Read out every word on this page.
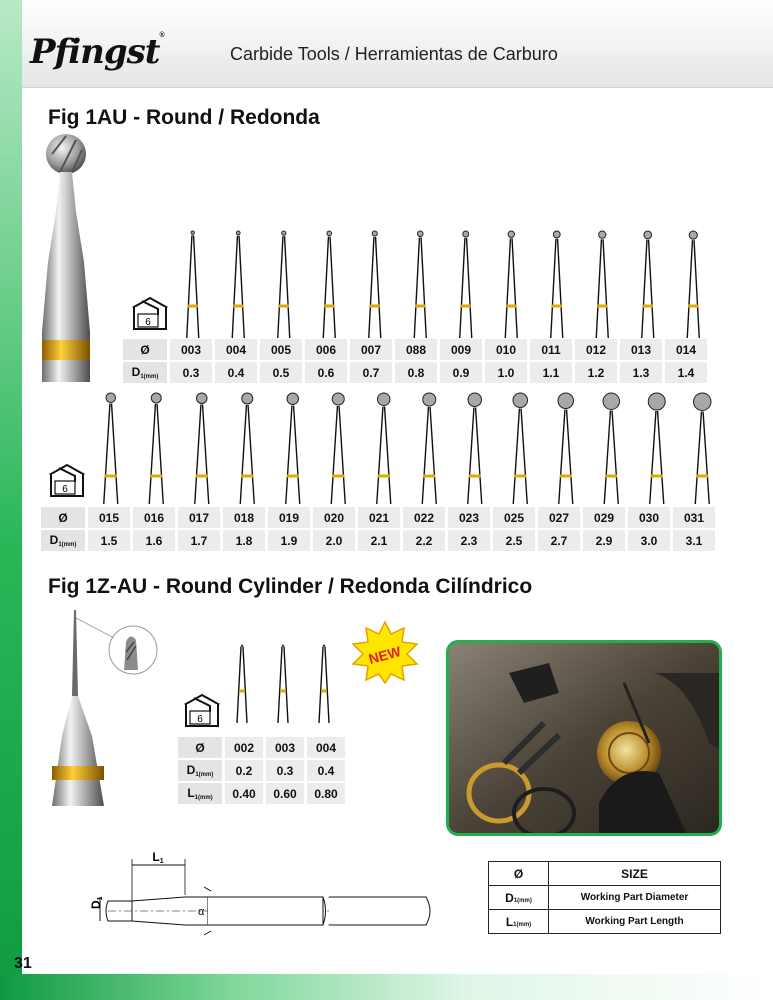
Pfingst®
Carbide Tools / Herramientas de Carburo
Fig 1AU - Round / Redonda
6
Ø	003	004	005	006	007	088	009	010	011	012	013	014
$D_{1(mm)}$	0.3	0.4	0.5	0.6	0.7	0.8	0.9	1.0	1.1	1.2	1.3	1.4
6
Ø	015	016	017	018	019	020	021	022	023	025	027	029	030	031
$D_{1(mm)}$	1.5	1.6	1.7	1.8	1.9	2.0	2.1	2.2	2.3	2.5	2.7	2.9	3.0	3.1
Fig 1Z-AU - Round Cylinder / Redonda Cilíndrico
NEW
6
Ø	002	003	004
$D_{1(mm)}$	0.2	0.3	0.4
$L_{1(mm)}$	0.40	0.60	0.80
L1
D1
α
Ø	SIZE
D1(mm)	Working Part Diameter
L1(mm)	Working Part Length
31
